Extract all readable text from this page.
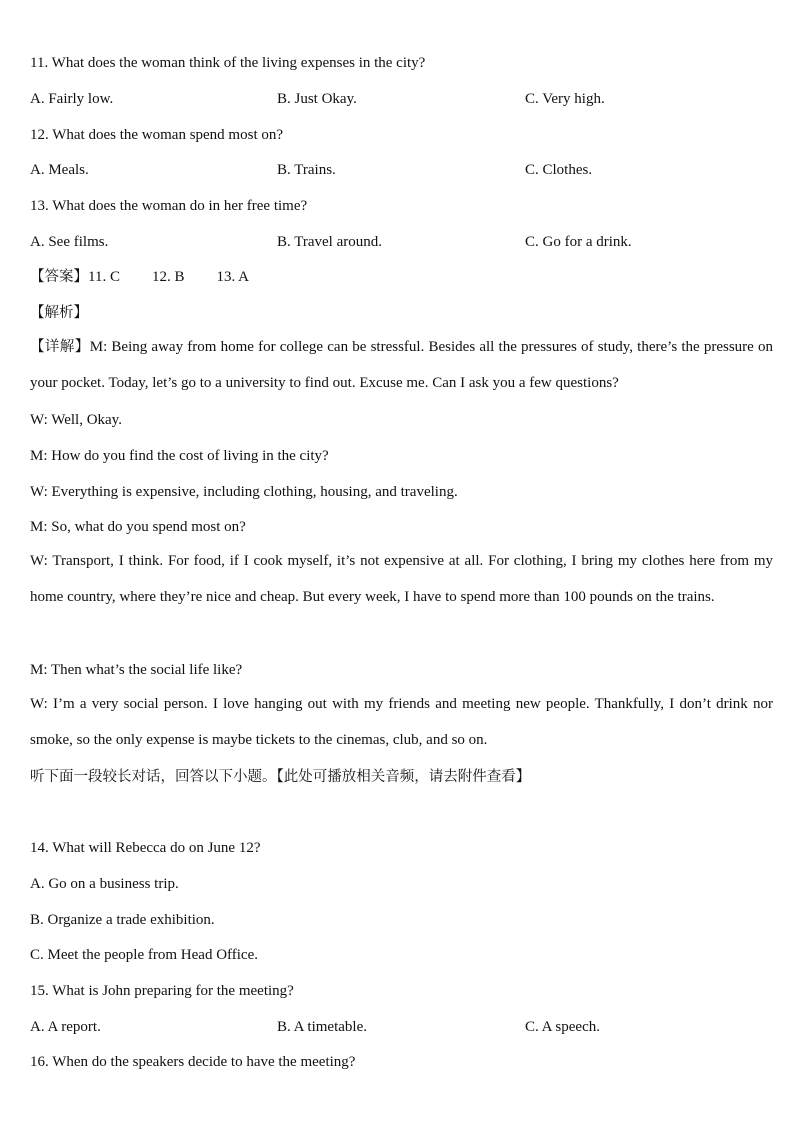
11. What does the woman think of the living expenses in the city?
A. Fairly low.	B. Just Okay.	C. Very high.
12. What does the woman spend most on?
A. Meals.	B. Trains.	C. Clothes.
13. What does the woman do in her free time?
A. See films.	B. Travel around.	C. Go for a drink.
【答案】11. C 12. B 13. A
【解析】
【详解】M: Being away from home for college can be stressful. Besides all the pressures of study, there’s the pressure on your pocket. Today, let’s go to a university to find out. Excuse me. Can I ask you a few questions?
W: Well, Okay.
M: How do you find the cost of living in the city?
W: Everything is expensive, including clothing, housing, and traveling.
M: So, what do you spend most on?
W: Transport, I think. For food, if I cook myself, it’s not expensive at all. For clothing, I bring my clothes here from my home country, where they’re nice and cheap. But every week, I have to spend more than 100 pounds on the trains.
M: Then what’s the social life like?
W: I’m a very social person. I love hanging out with my friends and meeting new people. Thankfully, I don’t drink nor smoke, so the only expense is maybe tickets to the cinemas, club, and so on.
听下面一段较长对话，回答以下小题。【此处可播放相关音频，请去附件查看】
14. What will Rebecca do on June 12?
A. Go on a business trip.
B. Organize a trade exhibition.
C. Meet the people from Head Office.
15. What is John preparing for the meeting?
A. A report.	B. A timetable.	C. A speech.
16. When do the speakers decide to have the meeting?
